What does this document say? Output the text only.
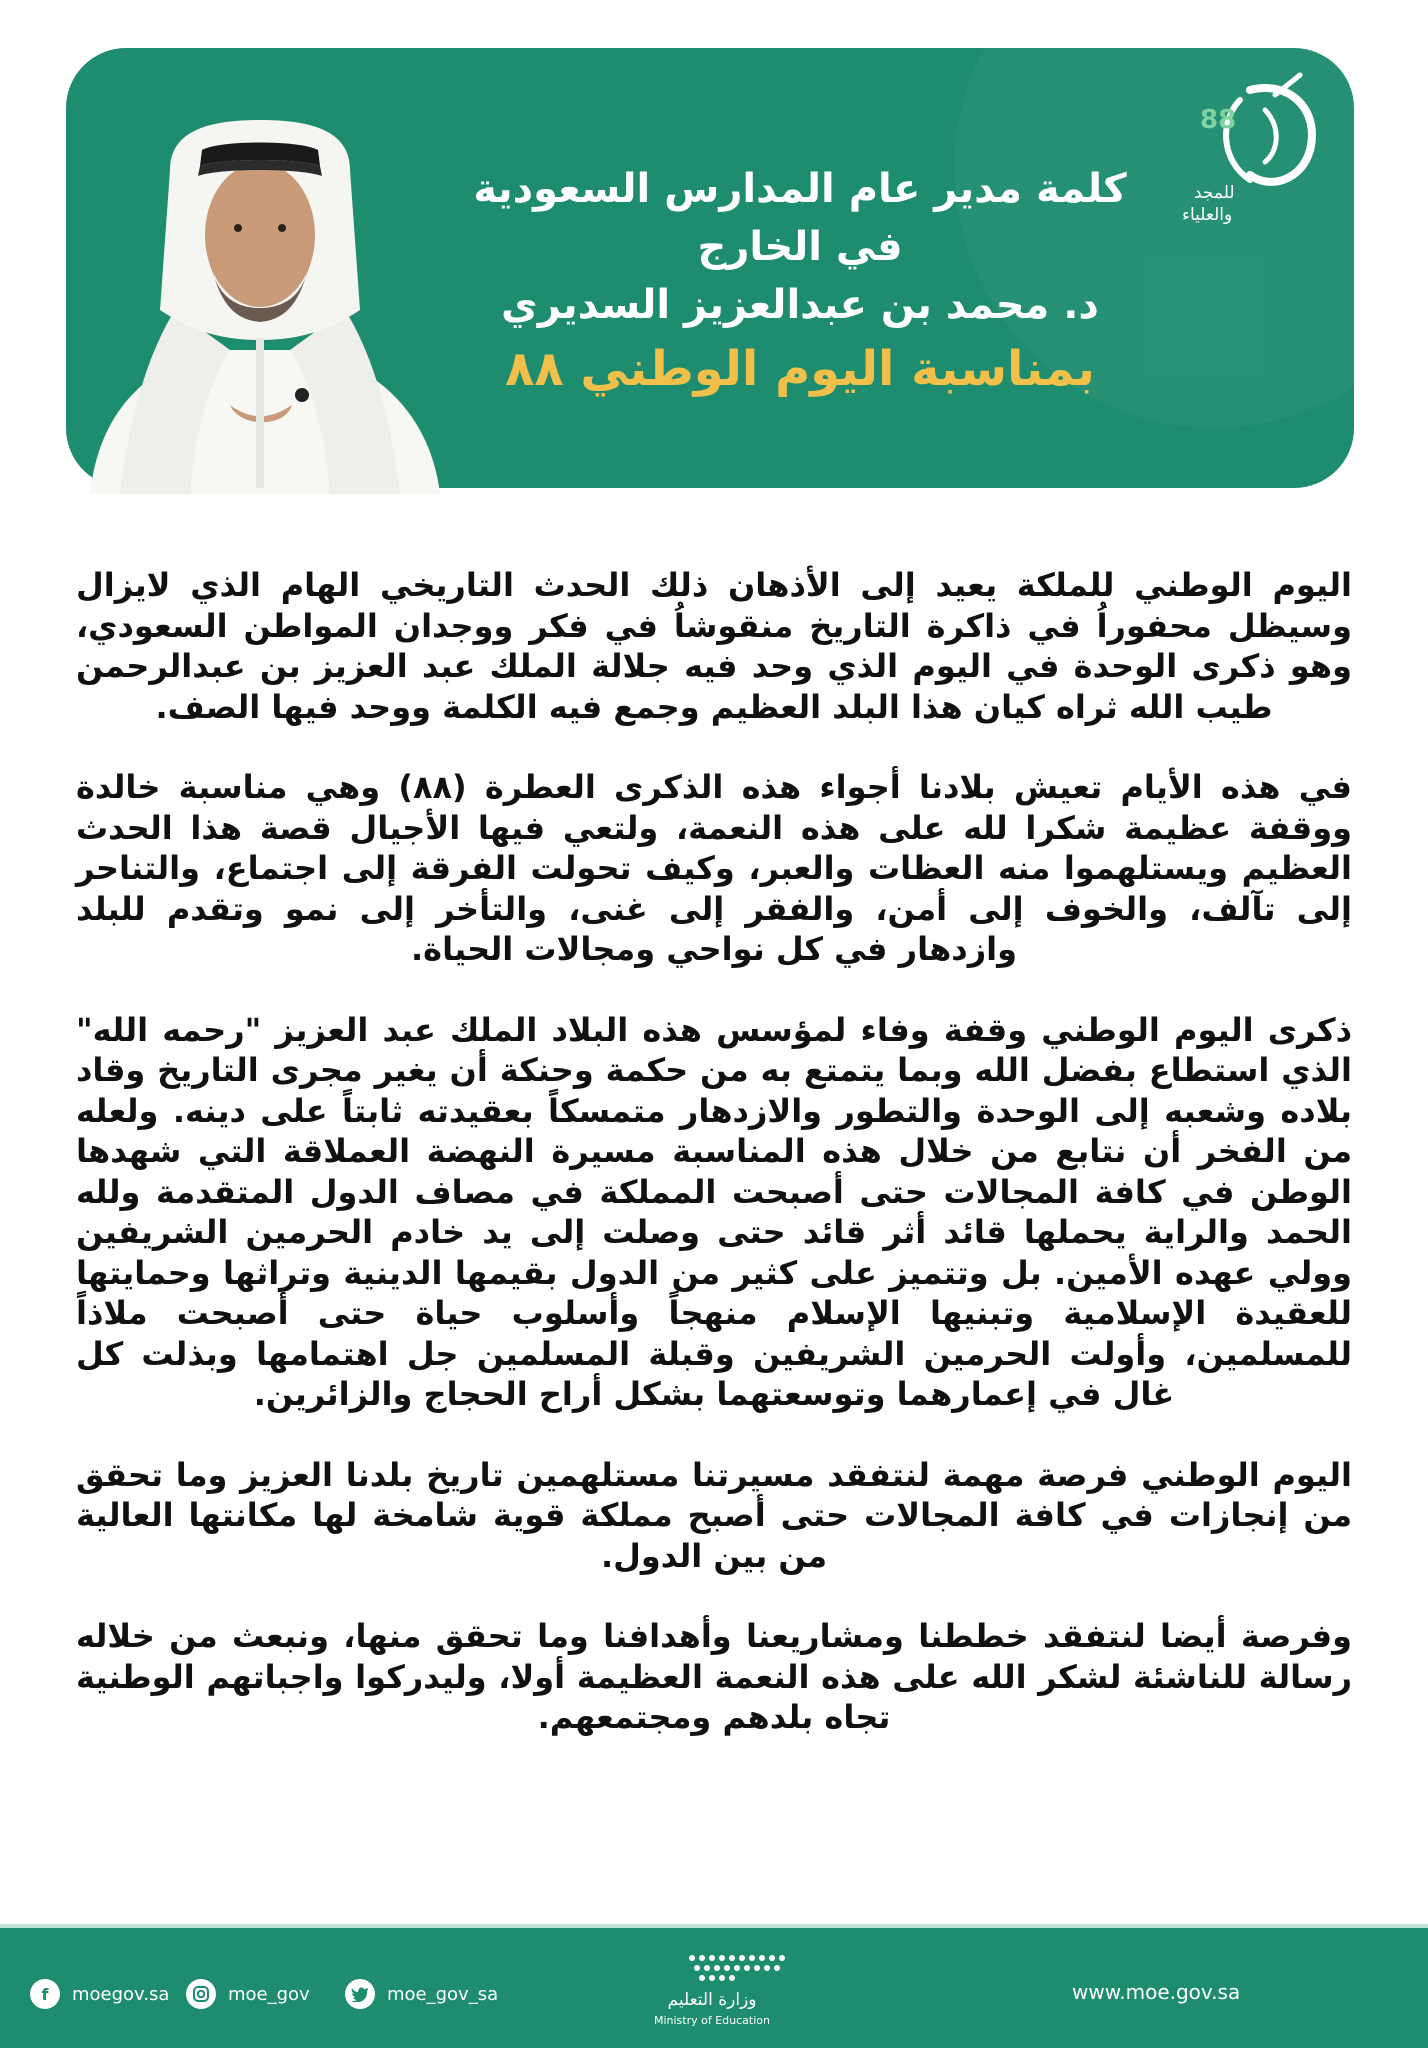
كلمة مدير عام المدارس السعودية
في الخارج
د. محمد بن عبدالعزيز السديري
بمناسبة اليوم الوطني ٨٨
88
للمجد
والعلياء

اليوم الوطني للملكة يعيد إلى الأذهان ذلك الحدث التاريخي الهام الذي لايزال وسيظل محفوراُ في ذاكرة التاريخ منقوشاُ في فكر ووجدان المواطن السعودي، وهو ذكرى الوحدة في اليوم الذي وحد فيه جلالة الملك عبد العزيز بن عبدالرحمن طيب الله ثراه كيان هذا البلد العظيم وجمع فيه الكلمة ووحد فيها الصف.

في هذه الأيام تعيش بلادنا أجواء هذه الذكرى العطرة (٨٨) وهي مناسبة خالدة ووقفة عظيمة شكرا لله على هذه النعمة، ولتعي فيها الأجيال قصة هذا الحدث العظيم ويستلهموا منه العظات والعبر، وكيف تحولت الفرقة إلى اجتماع، والتناحر إلى تآلف، والخوف إلى أمن، والفقر إلى غنى، والتأخر إلى نمو وتقدم للبلد وازدهار في كل نواحي ومجالات الحياة.

ذكرى اليوم الوطني وقفة وفاء لمؤسس هذه البلاد الملك عبد العزيز "رحمه الله" الذي استطاع بفضل الله وبما يتمتع به من حكمة وحنكة أن يغير مجرى التاريخ وقاد بلاده وشعبه إلى الوحدة والتطور والازدهار متمسكاً بعقيدته ثابتاً على دينه. ولعله من الفخر أن نتابع من خلال هذه المناسبة مسيرة النهضة العملاقة التي شهدها الوطن في كافة المجالات حتى أصبحت المملكة في مصاف الدول المتقدمة ولله الحمد والراية يحملها قائد أثر قائد حتى وصلت إلى يد خادم الحرمين الشريفين وولي عهده الأمين. بل وتتميز على كثير من الدول بقيمها الدينية وتراثها وحمايتها للعقيدة الإسلامية وتبنيها الإسلام منهجاً وأسلوب حياة حتى أصبحت ملاذاً للمسلمين، وأولت الحرمين الشريفين وقبلة المسلمين جل اهتمامها وبذلت كل غال في إعمارهما وتوسعتهما بشكل أراح الحجاج والزائرين.

اليوم الوطني فرصة مهمة لنتفقد مسيرتنا مستلهمين تاريخ بلدنا العزيز وما تحقق من إنجازات في كافة المجالات حتى أصبح مملكة قوية شامخة لها مكانتها العالية من بين الدول.

وفرصة أيضا لنتفقد خططنا ومشاريعنا وأهدافنا وما تحقق منها، ونبعث من خلاله رسالة للناشئة لشكر الله على هذه النعمة العظيمة أولا، وليدركوا واجباتهم الوطنية تجاه بلدهم ومجتمعهم.

f	moegov.sa	moe_gov	moe_gov_sa	وزارة التعليم
Ministry of Education
www.moe.gov.sa
